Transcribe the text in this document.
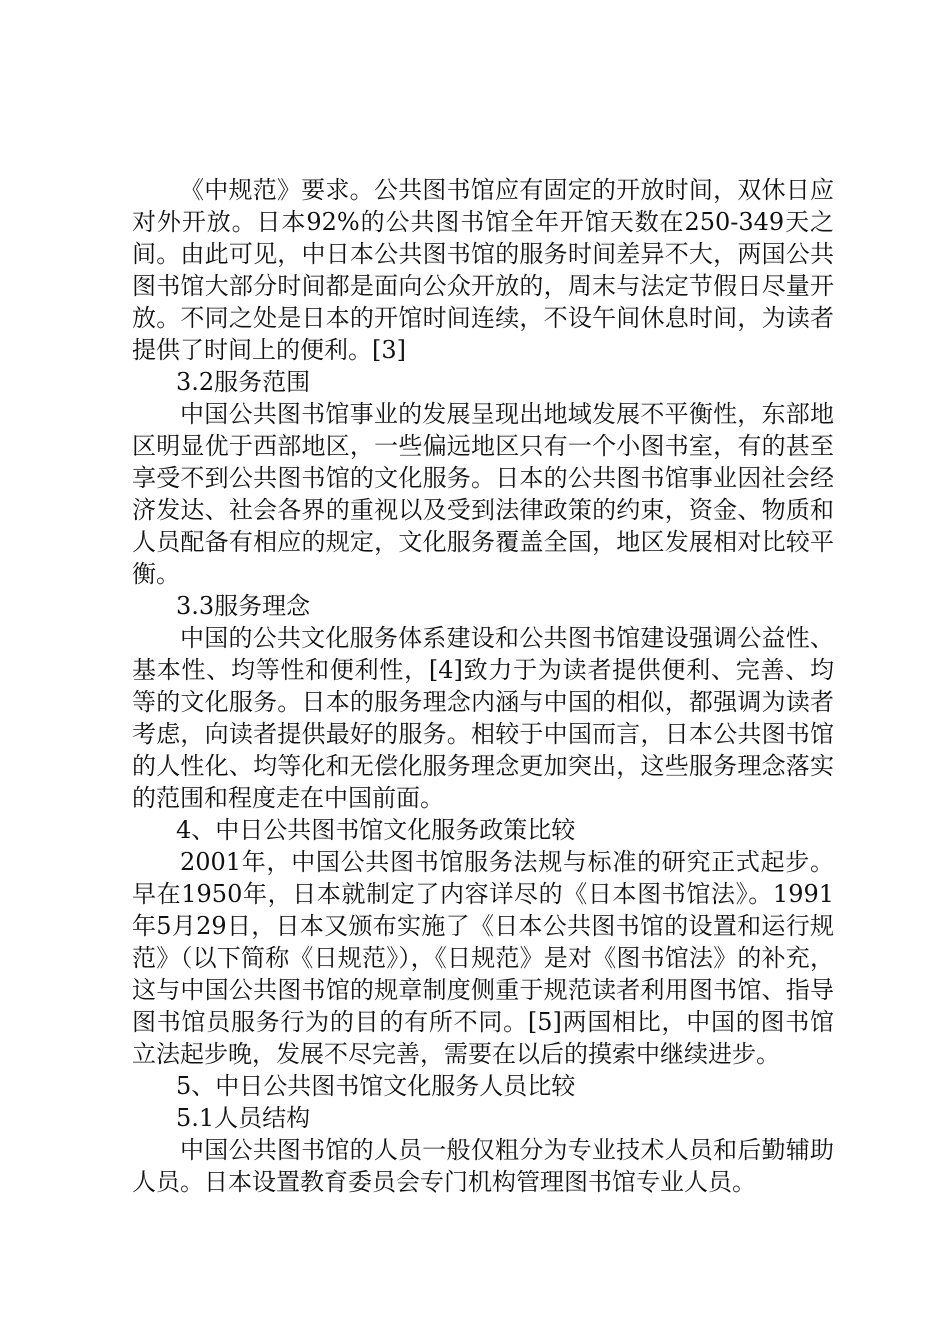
《中规范》要求。公共图书馆应有固定的开放时间，双休日应对外开放。日本92%的公共图书馆全年开馆天数在250-349天之间。由此可见，中日本公共图书馆的服务时间差异不大，两国公共图书馆大部分时间都是面向公众开放的，周末与法定节假日尽量开放。不同之处是日本的开馆时间连续，不设午间休息时间，为读者提供了时间上的便利。[3]

3.2服务范围

中国公共图书馆事业的发展呈现出地域发展不平衡性，东部地区明显优于西部地区，一些偏远地区只有一个小图书室，有的甚至享受不到公共图书馆的文化服务。日本的公共图书馆事业因社会经济发达、社会各界的重视以及受到法律政策的约束，资金、物质和人员配备有相应的规定，文化服务覆盖全国，地区发展相对比较平衡。

3.3服务理念

中国的公共文化服务体系建设和公共图书馆建设强调公益性、基本性、均等性和便利性，[4]致力于为读者提供便利、完善、均等的文化服务。日本的服务理念内涵与中国的相似，都强调为读者考虑，向读者提供最好的服务。相较于中国而言，日本公共图书馆的人性化、均等化和无偿化服务理念更加突出，这些服务理念落实的范围和程度走在中国前面。

4、中日公共图书馆文化服务政策比较

2001年，中国公共图书馆服务法规与标准的研究正式起步。早在1950年，日本就制定了内容详尽的《日本图书馆法》。1991年5月29日，日本又颁布实施了《日本公共图书馆的设置和运行规范》（以下简称《日规范》），《日规范》是对《图书馆法》的补充，这与中国公共图书馆的规章制度侧重于规范读者利用图书馆、指导图书馆员服务行为的目的有所不同。[5]两国相比，中国的图书馆立法起步晚，发展不尽完善，需要在以后的摸索中继续进步。

5、中日公共图书馆文化服务人员比较

5.1人员结构

中国公共图书馆的人员一般仅粗分为专业技术人员和后勤辅助人员。日本设置教育委员会专门机构管理图书馆专业人员。
